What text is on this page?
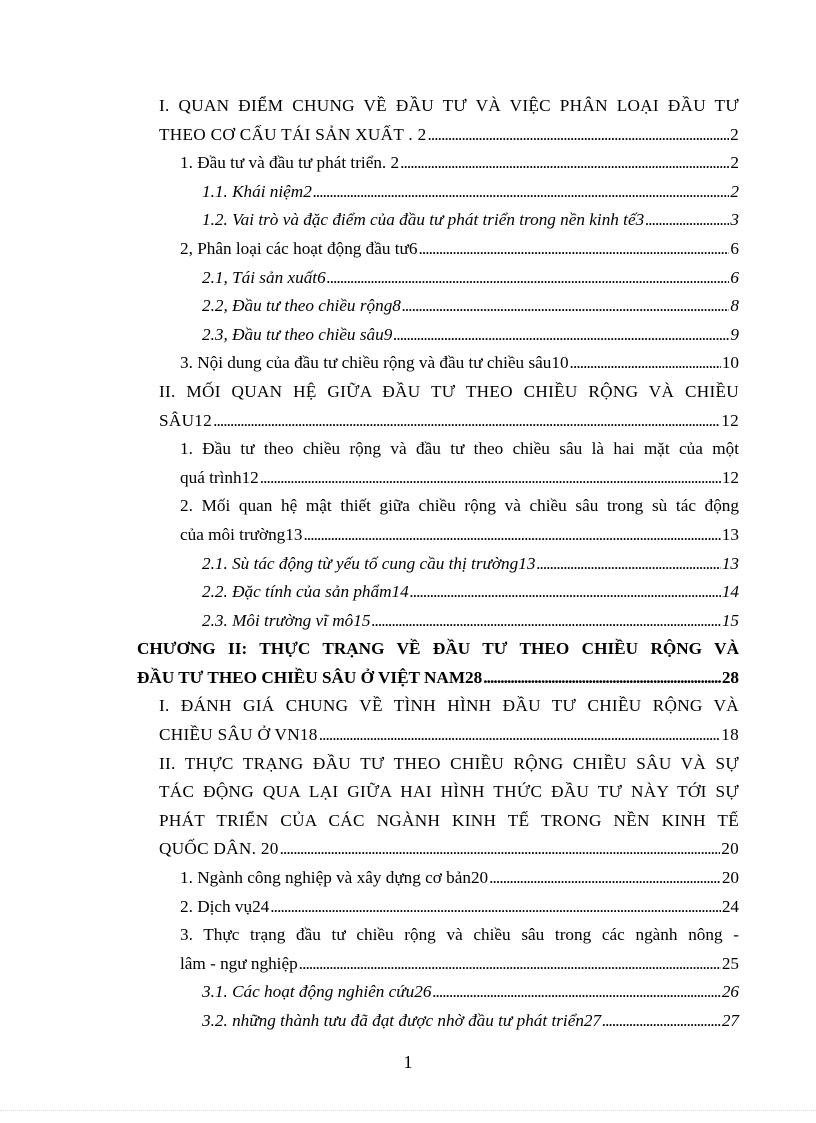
I. QUAN ĐIỂM CHUNG VỀ ĐẦU TƯ VÀ VIỆC PHÂN LOẠI ĐẦU TƯ
THEO CƠ CẤU TÁI SẢN XUẤT . 2 . . .	2
1. Đầu tư và đầu tư phát triển. 2 . . .	2
1.1. Khái niệm2 . . .	2
1.2. Vai trò và đặc điểm của đầu tư phát triển trong nền kinh tế3 . . .	3
2, Phân loại các hoạt động đầu tư6 . . .	6
2.1, Tái sản xuất6 . . .	6
2.2, Đầu tư theo chiều rộng8 . . .	8
2.3, Đầu tư theo chiều sâu9 . . .	9
3. Nội dung của đầu tư chiều rộng và đầu tư chiều sâu10 . . .	10
II. MỐI QUAN HỆ GIỮA ĐẦU TƯ THEO CHIỀU RỘNG VÀ CHIỀU
SÂU12 . . .	12
1. Đầu tư theo chiều rộng và đầu tư theo chiều sâu là hai mặt của một
quá trình12 . . .	12
2. Mối quan hệ mật thiết giữa chiều rộng và chiều sâu trong sù tác động
của môi trường13 . . .	13
2.1. Sù tác động từ yếu tố cung cầu thị trường13 . . .	13
2.2. Đặc tính của sản phẩm14 . . .	14
2.3. Môi trường vĩ mô15 . . .	15
CHƯƠNG II: THỰC TRẠNG VỀ ĐẦU TƯ THEO CHIỀU RỘNG VÀ
ĐẦU TƯ THEO CHIỀU SÂU Ở VIỆT NAM28 . . .	28
I. ĐÁNH GIÁ CHUNG VỀ TÌNH HÌNH ĐẦU TƯ CHIỀU RỘNG VÀ
CHIỀU SÂU Ở VN18 . . .	18
II. THỰC TRẠNG ĐẦU TƯ THEO CHIỀU RỘNG CHIỀU SÂU VÀ SỰ
TÁC ĐỘNG QUA LẠI GIỮA HAI HÌNH THỨC ĐẦU TƯ NÀY TỚI SỰ
PHÁT TRIỂN CỦA CÁC NGÀNH KINH TẾ TRONG NỀN KINH TẾ
QUỐC DÂN. 20 . . .	20
1. Ngành công nghiệp và xây dựng cơ bản20 . . .	20
2. Dịch vụ24 . . .	24
3. Thực trạng đầu tư chiều rộng và chiều sâu trong các ngành nông -
lâm - ngư nghiệp . . .	25
3.1. Các hoạt động nghiên cứu26 . . .	26
3.2. những thành tưu đã đạt được nhờ đầu tư phát triển27 . . .	27
1
